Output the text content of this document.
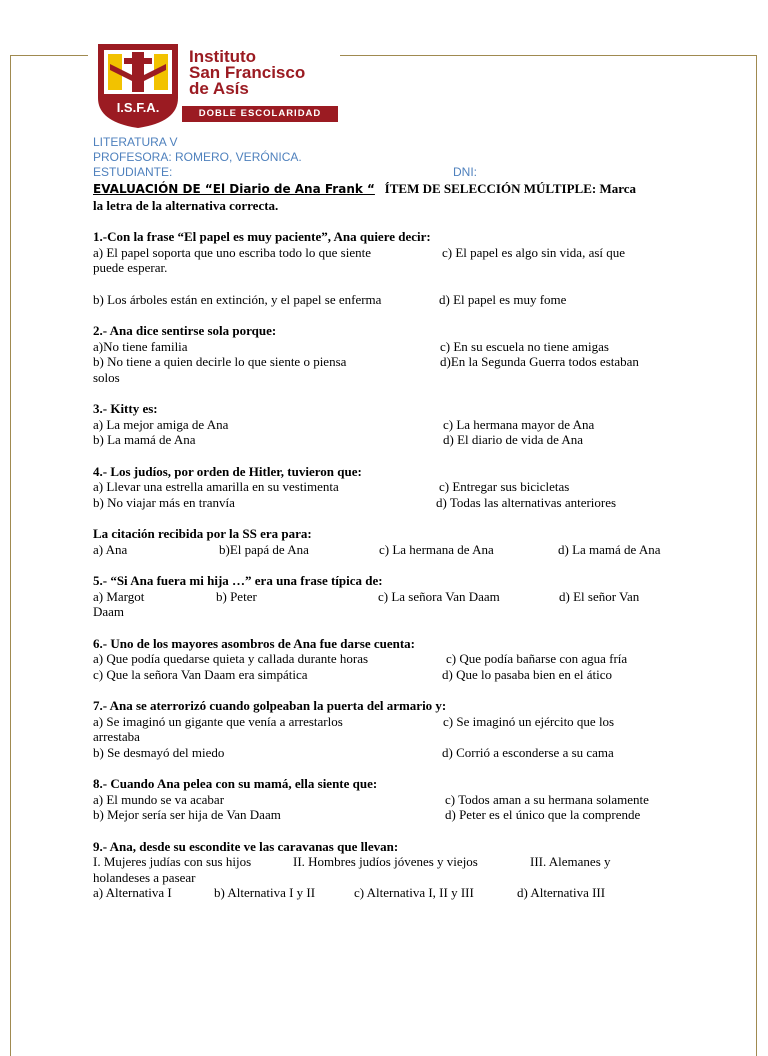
I.S.F.A.
Instituto
San Francisco
de Asís
DOBLE ESCOLARIDAD
LITERATURA V
PROFESORA: ROMERO, VERÓNICA.
ESTUDIANTE:	DNI:
EVALUACIÓN DE “El Diario de Ana Frank “ ÍTEM DE SELECCIÓN MÚLTIPLE: Marca
la letra de la alternativa correcta.
1.-Con la frase “El papel es muy paciente”, Ana quiere decir:
a) El papel soporta que uno escriba todo lo que siente	c) El papel es algo sin vida, así que
puede esperar.
b) Los árboles están en extinción, y el papel se enferma	d) El papel es muy fome
2.- Ana dice sentirse sola porque:
a)No tiene familia	c) En su escuela no tiene amigas
b) No tiene a quien decirle lo que siente o piensa	d)En la Segunda Guerra todos estaban
solos
3.- Kitty es:
a) La mejor amiga de Ana	c) La hermana mayor de Ana
b) La mamá de Ana	d) El diario de vida de Ana
4.- Los judíos, por orden de Hitler, tuvieron que:
a) Llevar una estrella amarilla en su vestimenta	c) Entregar sus bicicletas
b) No viajar más en tranvía	d) Todas las alternativas anteriores
La citación recibida por la SS era para:
a) Ana	b)El papá de Ana	c) La hermana de Ana	d) La mamá de Ana
5.- “Si Ana fuera mi hija …” era una frase típica de:
a) Margot	b) Peter	c) La señora Van Daam	d) El señor Van
Daam
6.- Uno de los mayores asombros de Ana fue darse cuenta:
a) Que podía quedarse quieta y callada durante horas	c) Que podía bañarse con agua fría
c) Que la señora Van Daam era simpática	d) Que lo pasaba bien en el ático
7.- Ana se aterrorizó cuando golpeaban la puerta del armario y:
a) Se imaginó un gigante que venía a arrestarlos	c) Se imaginó un ejército que los
arrestaba
b) Se desmayó del miedo	d) Corrió a esconderse a su cama
8.- Cuando Ana pelea con su mamá, ella siente que:
a) El mundo se va acabar	c) Todos aman a su hermana solamente
b) Mejor sería ser hija de Van Daam	d) Peter es el único que la comprende
9.- Ana, desde su escondite ve las caravanas que llevan:
I. Mujeres judías con sus hijos	II. Hombres judíos jóvenes y viejos	III. Alemanes y
holandeses a pasear
a) Alternativa I	b) Alternativa I y II	c) Alternativa I, II y III	d) Alternativa III
